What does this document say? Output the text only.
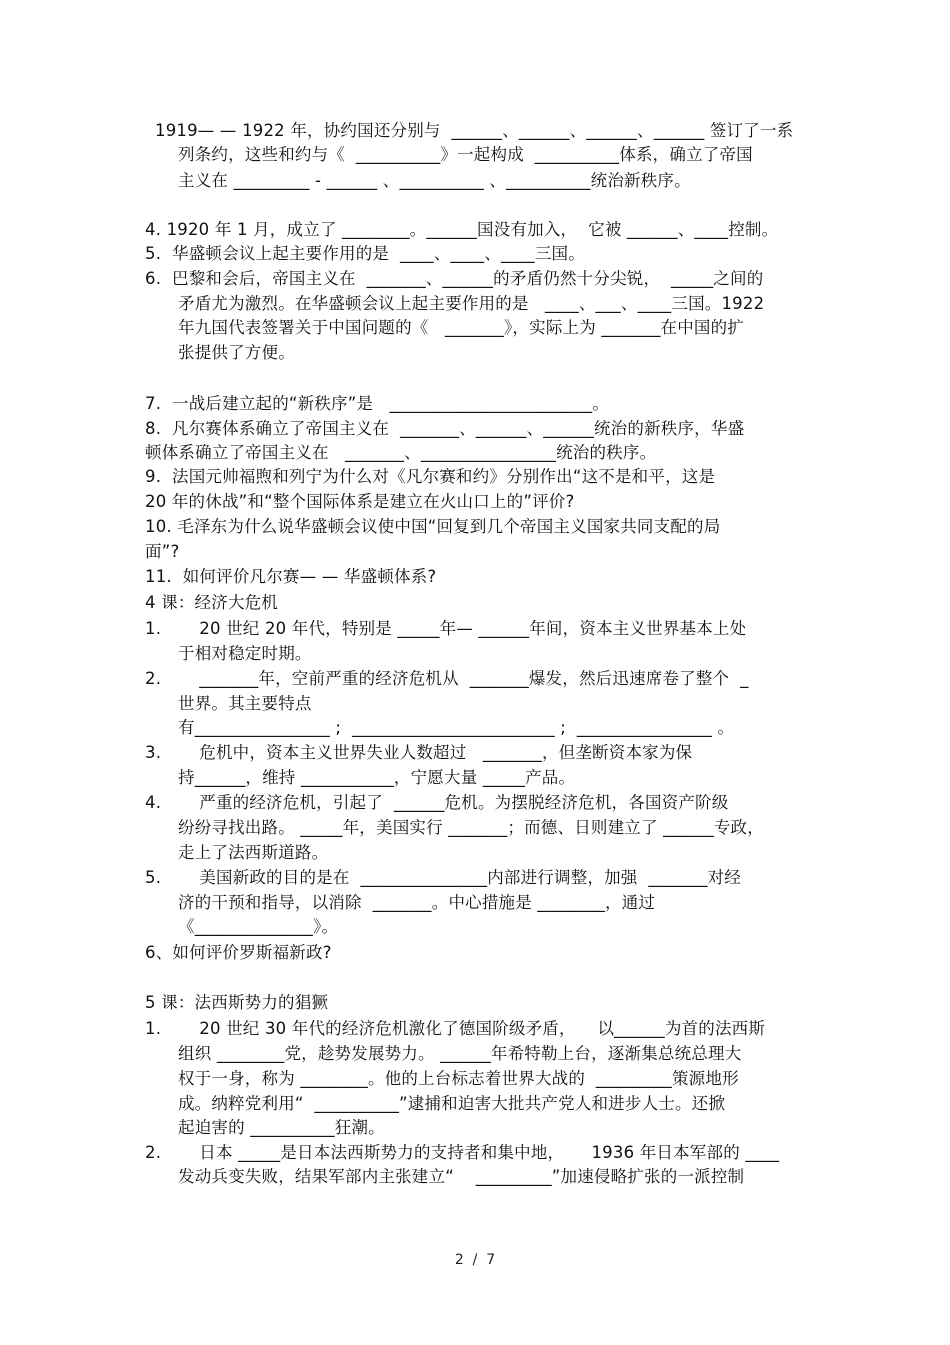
1919— — 1922 年，协约国还分别与  ______、______、______、______ 签订了一系
列条约，这些和约与《  __________》一起构成  __________体系，确立了帝国
主义在 _________ - ______ 、__________ 、__________统治新秩序。
4. 1920 年 1 月，成立了 ________。______国没有加入，  它被 ______、____控制。
5.  华盛顿会议上起主要作用的是  ____、____、____三国。
6.  巴黎和会后，帝国主义在  _______、______的矛盾仍然十分尖锐，  _____之间的
矛盾尤为激烈。在华盛顿会议上起主要作用的是   ____、___、____三国。1922
年九国代表签署关于中国问题的《   _______》，实际上为 _______在中国的扩
张提供了方便。
7.  一战后建立起的“新秩序”是   ________________________。
8.  凡尔赛体系确立了帝国主义在  _______、______、______统治的新秩序，华盛
顿体系确立了帝国主义在   _______、________________统治的秩序。
9.  法国元帅福煦和列宁为什么对《凡尔赛和约》分别作出“这不是和平，这是
20 年的休战”和“整个国际体系是建立在火山口上的”评价?
10. 毛泽东为什么说华盛顿会议使中国“回复到几个帝国主义国家共同支配的局
面”?
11.  如何评价凡尔赛— — 华盛顿体系?
4 课：经济大危机
1.       20 世纪 20 年代，特别是 _____年— ______年间，资本主义世界基本上处
于相对稳定时期。
2.       _______年，空前严重的经济危机从  _______爆发，然后迅速席卷了整个  _
世界。其主要特点
有________________ ;  ________________________ ;  ________________ 。
3.       危机中，资本主义世界失业人数超过   _______，但垄断资本家为保
持______，维持 ___________，宁愿大量 _____产品。
4.       严重的经济危机，引起了  ______危机。为摆脱经济危机，各国资产阶级
纷纷寻找出路。 _____年，美国实行 _______；而德、日则建立了 ______专政，
走上了法西斯道路。
5.       美国新政的目的是在  _______________内部进行调整，加强  _______对经
济的干预和指导，以消除  _______。中心措施是 ________，通过
《______________》。
6、如何评价罗斯福新政?
5 课：法西斯势力的猖獗
1.       20 世纪 30 年代的经济危机激化了德国阶级矛盾，    以______为首的法西斯
组织 ________党，趁势发展势力。 ______年希特勒上台，逐渐集总统总理大
权于一身，称为 ________。他的上台标志着世界大战的  _________策源地形
成。纳粹党利用“  __________”逮捕和迫害大批共产党人和进步人士。还掀
起迫害的 __________狂潮。
2.       日本 _____是日本法西斯势力的支持者和集中地，     1936 年日本军部的 ____
发动兵变失败，结果军部内主张建立“    _________”加速侵略扩张的一派控制
2  /  7
